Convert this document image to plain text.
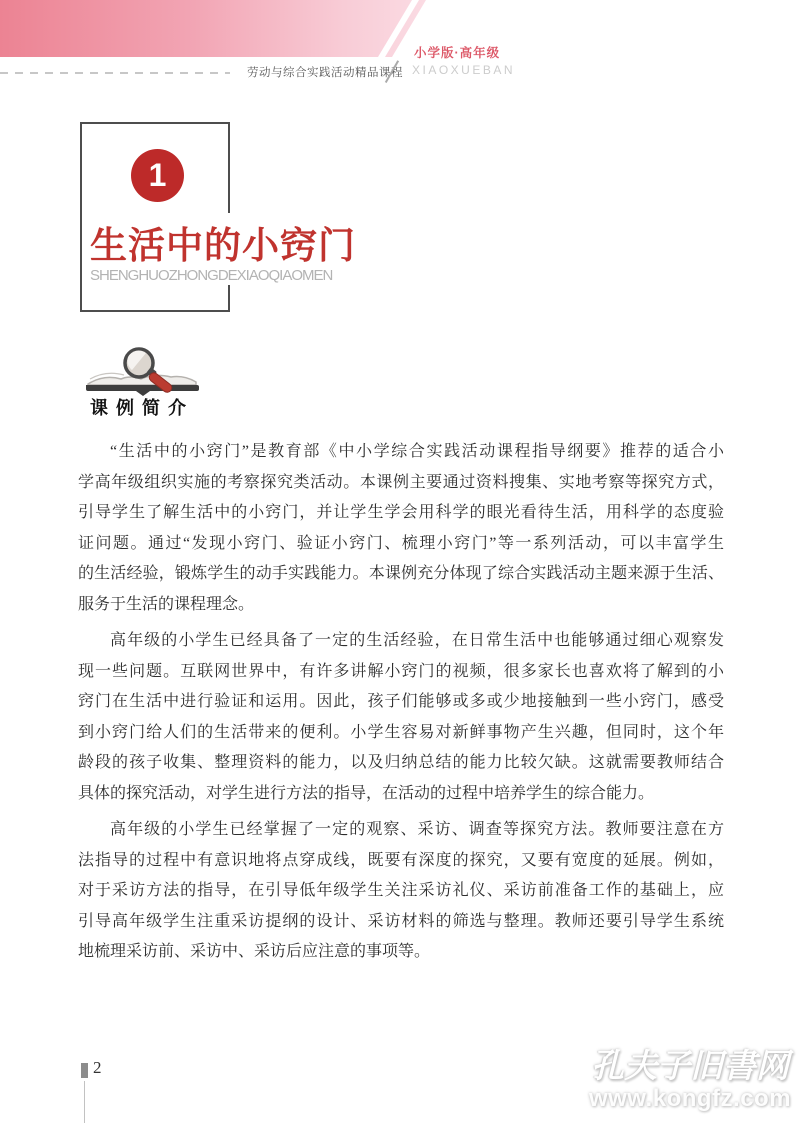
劳动与综合实践活动精品课程
小学版·高年级
XIAOXUEBAN
1
生活中的小窍门
SHENGHUOZHONGDEXIAOQIAOMEN
课例简介
“生活中的小窍门”是教育部《中小学综合实践活动课程指导纲要》推荐的适合小
学高年级组织实施的考察探究类活动。本课例主要通过资料搜集、实地考察等探究方式，
引导学生了解生活中的小窍门，并让学生学会用科学的眼光看待生活，用科学的态度验
证问题。通过“发现小窍门、验证小窍门、梳理小窍门”等一系列活动，可以丰富学生
的生活经验，锻炼学生的动手实践能力。本课例充分体现了综合实践活动主题来源于生活、
服务于生活的课程理念。
高年级的小学生已经具备了一定的生活经验，在日常生活中也能够通过细心观察发
现一些问题。互联网世界中，有许多讲解小窍门的视频，很多家长也喜欢将了解到的小
窍门在生活中进行验证和运用。因此，孩子们能够或多或少地接触到一些小窍门，感受
到小窍门给人们的生活带来的便利。小学生容易对新鲜事物产生兴趣，但同时，这个年
龄段的孩子收集、整理资料的能力，以及归纳总结的能力比较欠缺。这就需要教师结合
具体的探究活动，对学生进行方法的指导，在活动的过程中培养学生的综合能力。
高年级的小学生已经掌握了一定的观察、采访、调查等探究方法。教师要注意在方
法指导的过程中有意识地将点穿成线，既要有深度的探究，又要有宽度的延展。例如，
对于采访方法的指导，在引导低年级学生关注采访礼仪、采访前准备工作的基础上，应
引导高年级学生注重采访提纲的设计、采访材料的筛选与整理。教师还要引导学生系统
地梳理采访前、采访中、采访后应注意的事项等。
2	孔夫子旧書网
www.kongfz.com
